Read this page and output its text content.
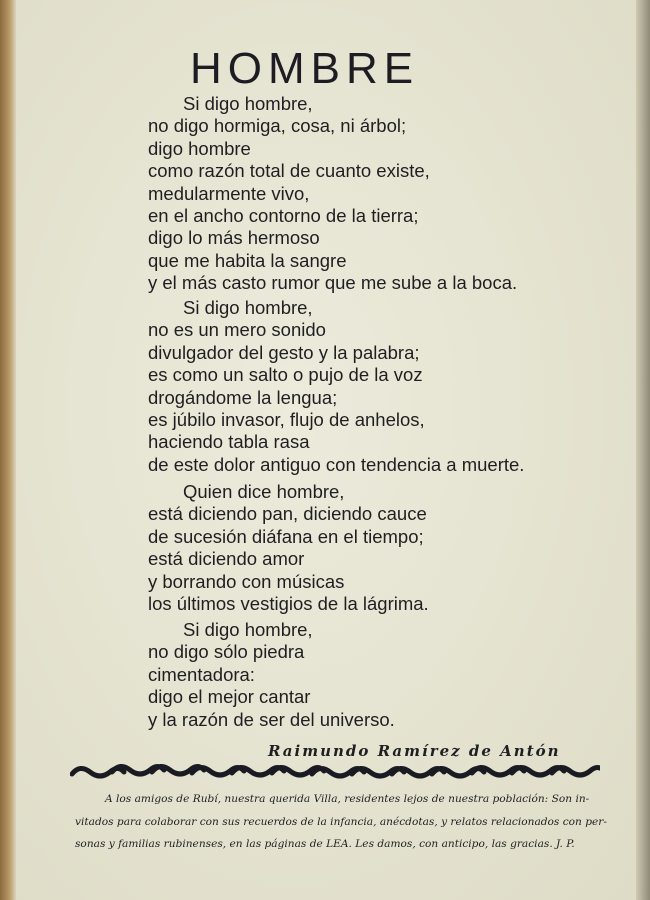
HOMBRE
Si digo hombre,
no digo hormiga, cosa, ni árbol;
digo hombre
como razón total de cuanto existe,
medularmente vivo,
en el ancho contorno de la tierra;
digo lo más hermoso
que me habita la sangre
y el más casto rumor que me sube a la boca.
Si digo hombre,
no es un mero sonido
divulgador del gesto y la palabra;
es como un salto o pujo de la voz
drogándome la lengua;
es júbilo invasor, flujo de anhelos,
haciendo tabla rasa
de este dolor antiguo con tendencia a muerte.
Quien dice hombre,
está diciendo pan, diciendo cauce
de sucesión diáfana en el tiempo;
está diciendo amor
y borrando con músicas
los últimos vestigios de la lágrima.
Si digo hombre,
no digo sólo piedra
cimentadora:
digo el mejor cantar
y la razón de ser del universo.
Raimundo Ramírez de Antón
A los amigos de Rubí, nuestra querida Villa, residentes lejos de nuestra población: Son in-
vitados para colaborar con sus recuerdos de la infancia, anécdotas, y relatos relacionados con per-
sonas y familias rubinenses, en las páginas de LEA. Les damos, con anticipo, las gracias. J. P.
